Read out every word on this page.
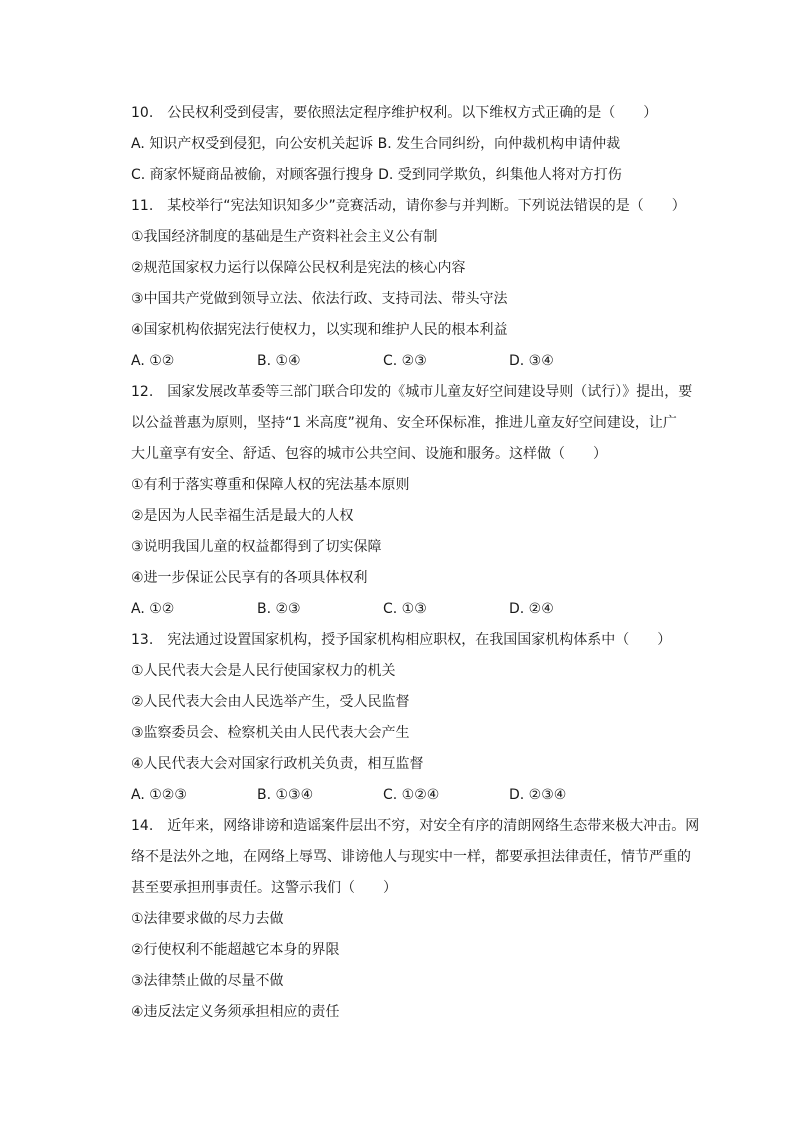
10.　公民权利受到侵害，要依照法定程序维护权利。以下维权方式正确的是（　　）
A. 知识产权受到侵犯，向公安机关起诉 B. 发生合同纠纷，向仲裁机构申请仲裁
C. 商家怀疑商品被偷，对顾客强行搜身 D. 受到同学欺负，纠集他人将对方打伤
11.　某校举行“宪法知识知多少”竞赛活动，请你参与并判断。下列说法错误的是（　　）
①我国经济制度的基础是生产资料社会主义公有制
②规范国家权力运行以保障公民权利是宪法的核心内容
③中国共产党做到领导立法、依法行政、支持司法、带头守法
④国家机构依据宪法行使权力，以实现和维护人民的根本利益
A. ①②	B. ①④	C. ②③	D. ③④
12.　国家发展改革委等三部门联合印发的《城市儿童友好空间建设导则（试行）》提出，要
以公益普惠为原则，坚持“1 米高度”视角、安全环保标准，推进儿童友好空间建设，让广
大儿童享有安全、舒适、包容的城市公共空间、设施和服务。这样做（　　）
①有利于落实尊重和保障人权的宪法基本原则
②是因为人民幸福生活是最大的人权
③说明我国儿童的权益都得到了切实保障
④进一步保证公民享有的各项具体权利
A. ①②	B. ②③	C. ①③	D. ②④
13.　宪法通过设置国家机构，授予国家机构相应职权，在我国国家机构体系中（　　）
①人民代表大会是人民行使国家权力的机关
②人民代表大会由人民选举产生，受人民监督
③监察委员会、检察机关由人民代表大会产生
④人民代表大会对国家行政机关负责，相互监督
A. ①②③	B. ①③④	C. ①②④	D. ②③④
14.　近年来，网络诽谤和造谣案件层出不穷，对安全有序的清朗网络生态带来极大冲击。网
络不是法外之地，在网络上辱骂、诽谤他人与现实中一样，都要承担法律责任，情节严重的
甚至要承担刑事责任。这警示我们（　　）
①法律要求做的尽力去做
②行使权利不能超越它本身的界限
③法律禁止做的尽量不做
④违反法定义务须承担相应的责任
